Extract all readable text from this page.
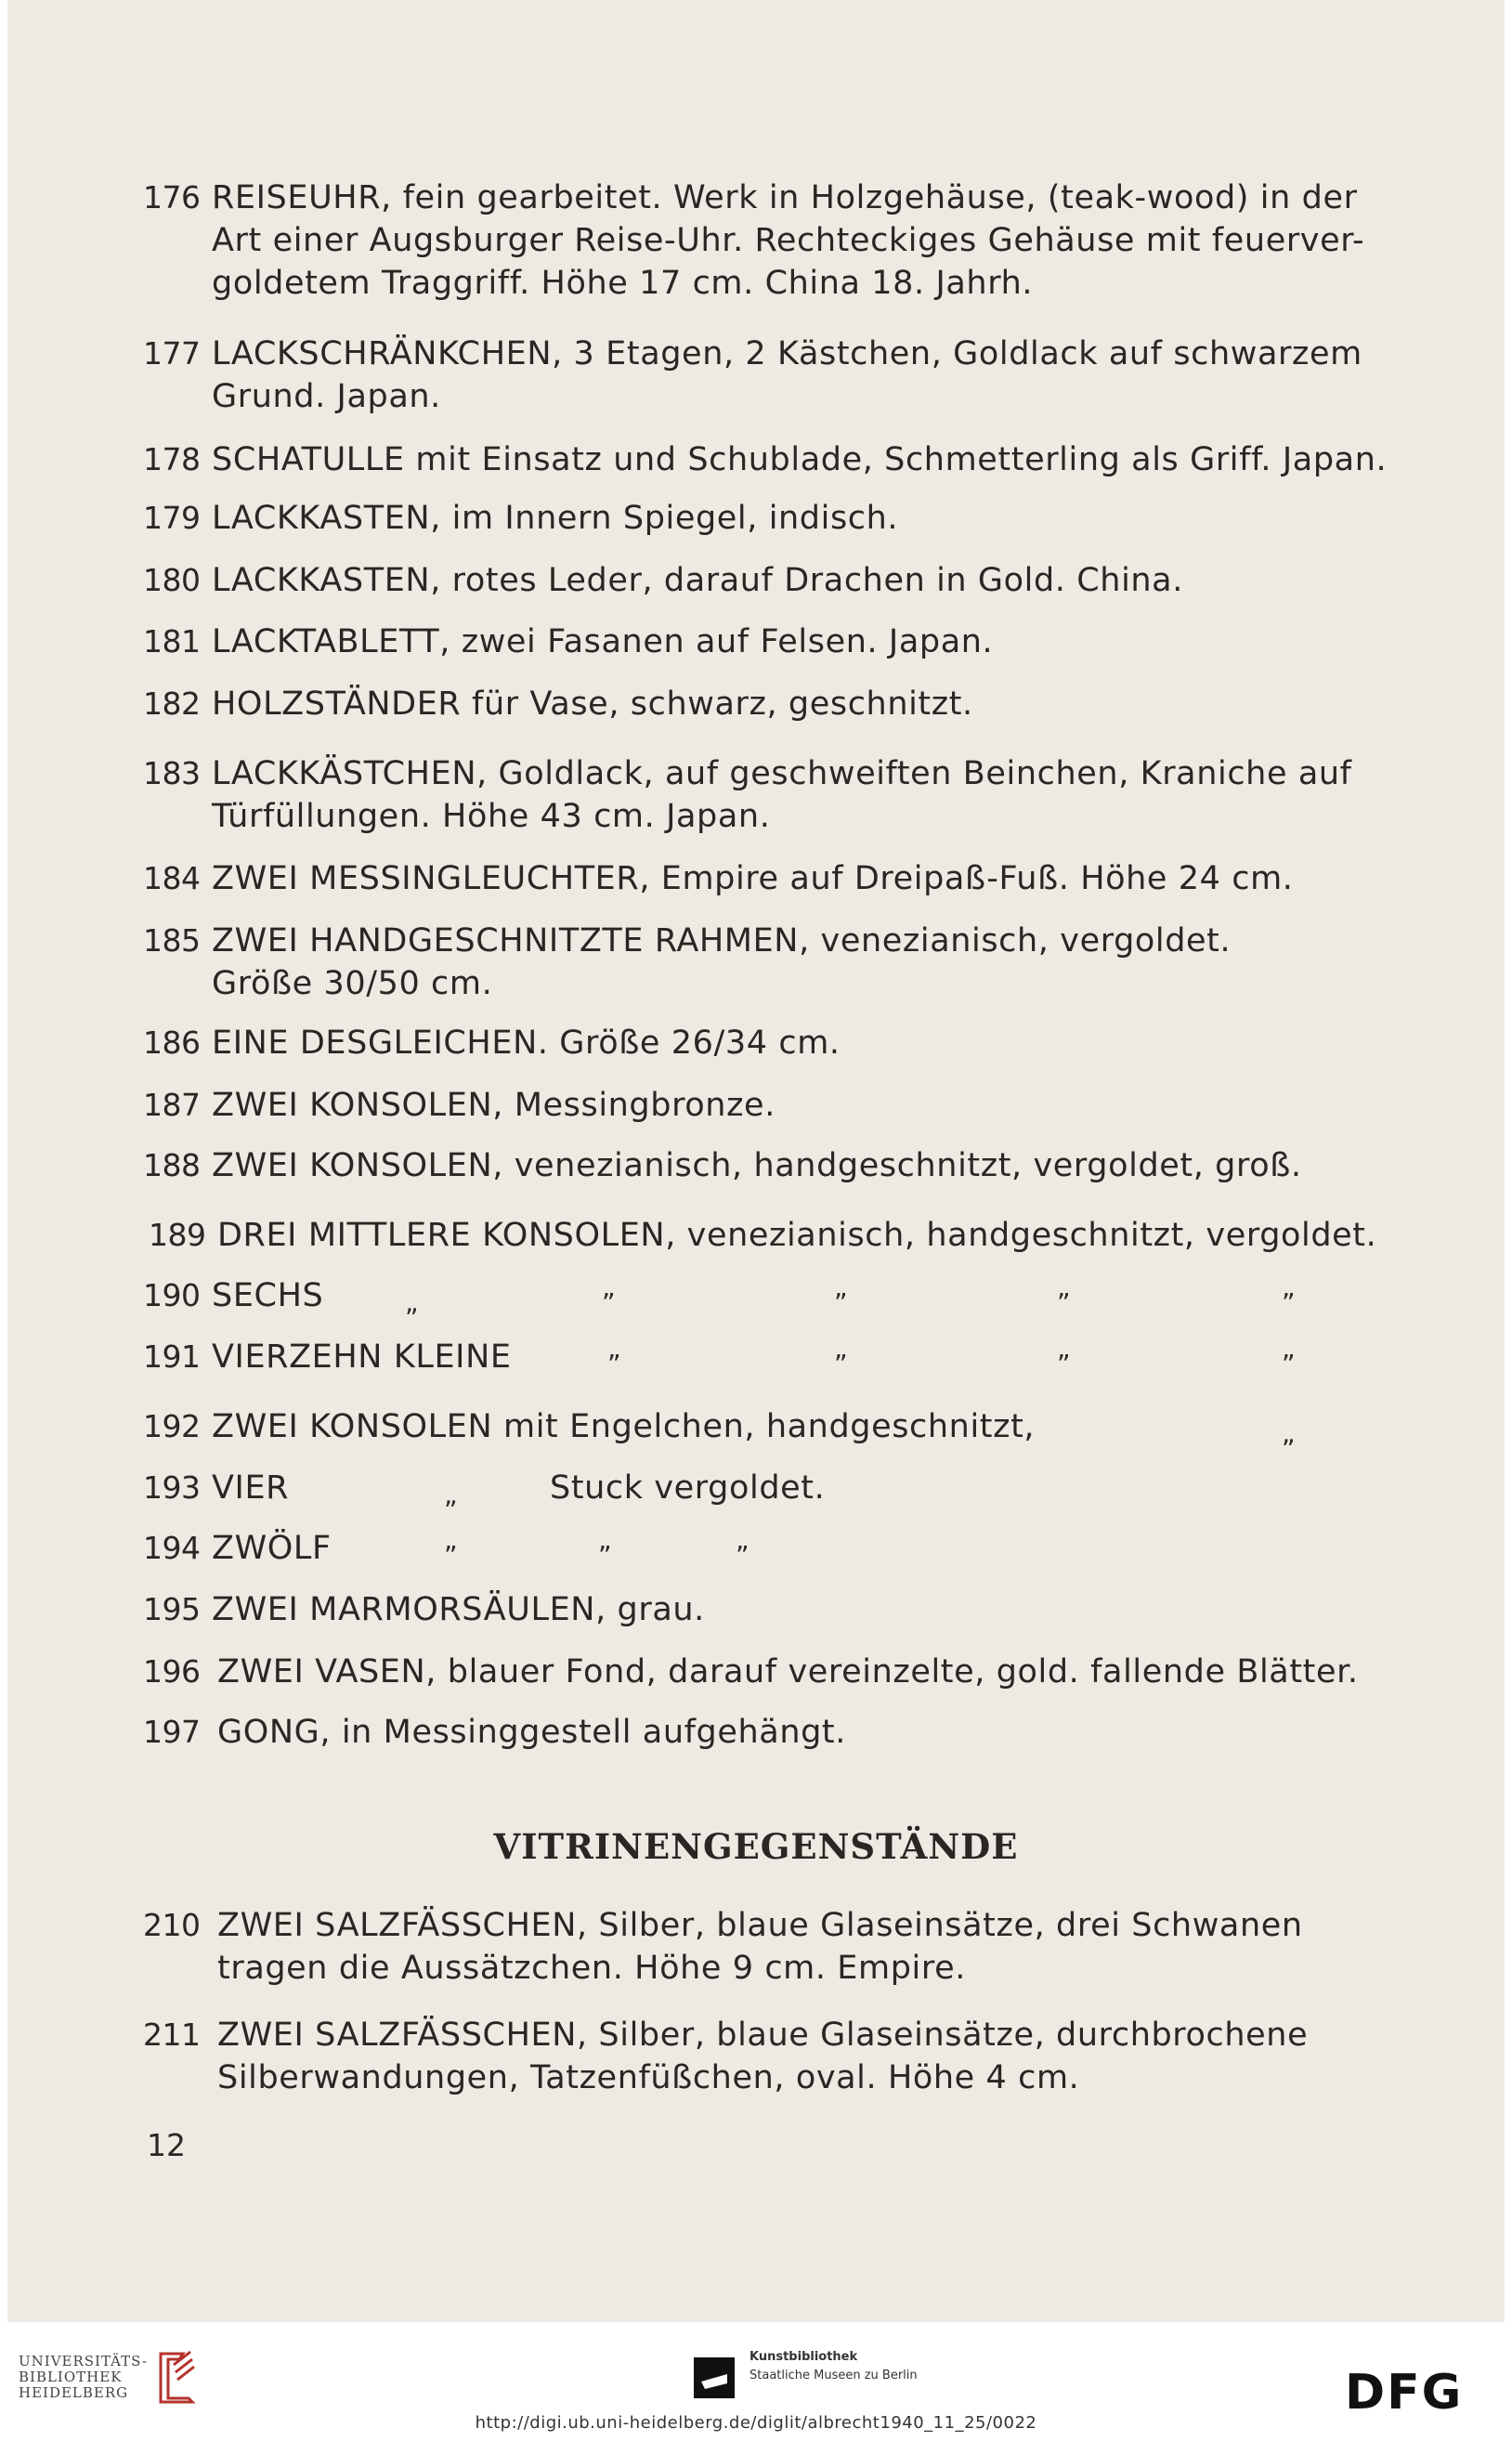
176 REISEUHR, fein gearbeitet. Werk in Holzgehäuse, (teak-wood) in der
Art einer Augsburger Reise-Uhr. Rechteckiges Gehäuse mit feuerver-
goldetem Traggriff. Höhe 17 cm. China 18. Jahrh.
177 LACKSCHRÄNKCHEN, 3 Etagen, 2 Kästchen, Goldlack auf schwarzem
Grund. Japan.
178 SCHATULLE mit Einsatz und Schublade, Schmetterling als Griff. Japan.
179 LACKKASTEN, im Innern Spiegel, indisch.
180 LACKKASTEN, rotes Leder, darauf Drachen in Gold. China.
181 LACKTABLETT, zwei Fasanen auf Felsen. Japan.
182 HOLZSTÄNDER für Vase, schwarz, geschnitzt.
183 LACKKÄSTCHEN, Goldlack, auf geschweiften Beinchen, Kraniche auf
Türfüllungen. Höhe 43 cm. Japan.
184 ZWEI MESSINGLEUCHTER, Empire auf Dreipaß-Fuß. Höhe 24 cm.
185 ZWEI HANDGESCHNITZTE RAHMEN, venezianisch, vergoldet.
Größe 30/50 cm.
186 EINE DESGLEICHEN. Größe 26/34 cm.
187 ZWEI KONSOLEN, Messingbronze.
188 ZWEI KONSOLEN, venezianisch, handgeschnitzt, vergoldet, groß.
189 DREI MITTLERE KONSOLEN, venezianisch, handgeschnitzt, vergoldet.
190 SECHS	„	”	”	”	”
191 VIERZEHN KLEINE	”	”	”	”
192 ZWEI KONSOLEN mit Engelchen, handgeschnitzt,	„
193 VIER	„	Stuck vergoldet.
194 ZWÖLF	”	”	”
195 ZWEI MARMORSÄULEN, grau.
196 ZWEI VASEN, blauer Fond, darauf vereinzelte, gold. fallende Blätter.
197 GONG, in Messinggestell aufgehängt.
VITRINENGEGENSTÄNDE
210 ZWEI SALZFÄSSCHEN, Silber, blaue Glaseinsätze, drei Schwanen
tragen die Aussätzchen. Höhe 9 cm. Empire.
211 ZWEI SALZFÄSSCHEN, Silber, blaue Glaseinsätze, durchbrochene
Silberwandungen, Tatzenfüßchen, oval. Höhe 4 cm.
12
UNIVERSITÄTS-
BIBLIOTHEK
HEIDELBERG
Kunstbibliothek
Staatliche Museen zu Berlin	DFG
http://digi.ub.uni-heidelberg.de/diglit/albrecht1940_11_25/0022
